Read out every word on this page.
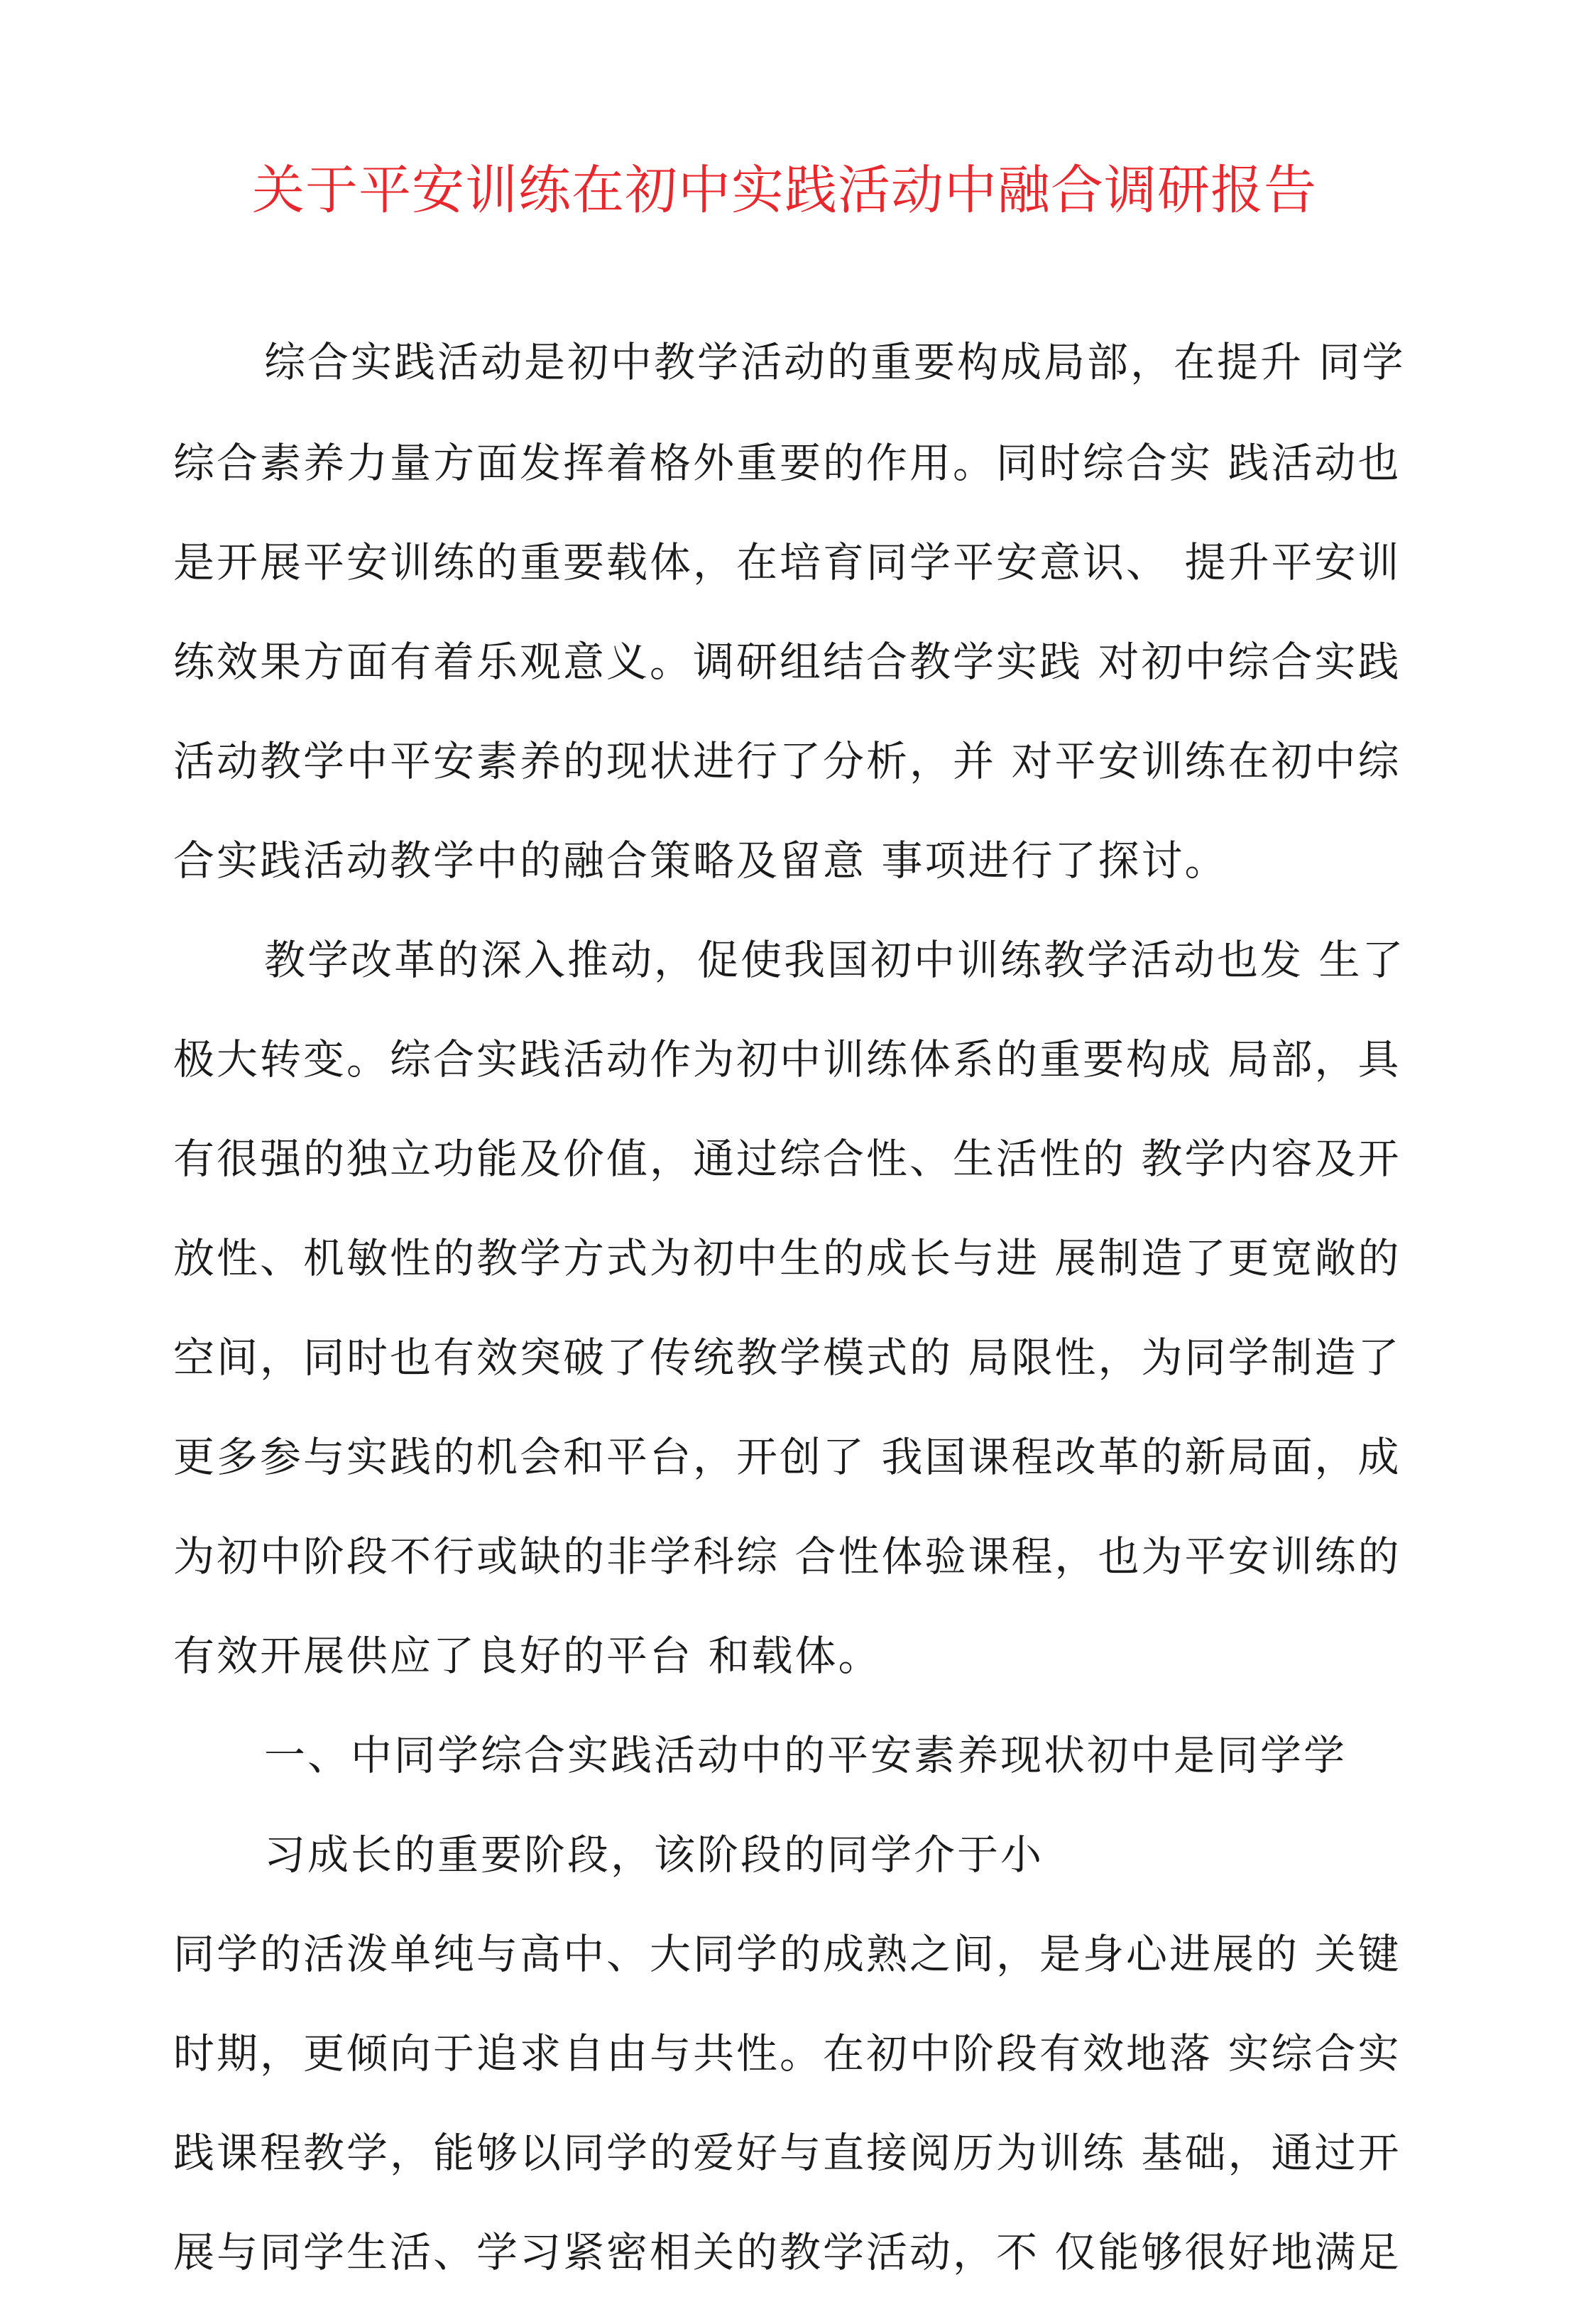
关于平安训练在初中实践活动中融合调研报告
综合实践活动是初中教学活动的重要构成局部，在提升 同学
综合素养力量方面发挥着格外重要的作用。同时综合实 践活动也
是开展平安训练的重要载体，在培育同学平安意识、 提升平安训
练效果方面有着乐观意义。调研组结合教学实践 对初中综合实践
活动教学中平安素养的现状进行了分析，并 对平安训练在初中综
合实践活动教学中的融合策略及留意 事项进行了探讨。
教学改革的深入推动，促使我国初中训练教学活动也发 生了
极大转变。综合实践活动作为初中训练体系的重要构成 局部，具
有很强的独立功能及价值，通过综合性、生活性的 教学内容及开
放性、机敏性的教学方式为初中生的成长与进 展制造了更宽敞的
空间，同时也有效突破了传统教学模式的 局限性，为同学制造了
更多参与实践的机会和平台，开创了 我国课程改革的新局面，成
为初中阶段不行或缺的非学科综 合性体验课程，也为平安训练的
有效开展供应了良好的平台 和载体。
一、中同学综合实践活动中的平安素养现状初中是同学学
习成长的重要阶段，该阶段的同学介于小
同学的活泼单纯与高中、大同学的成熟之间，是身心进展的 关键
时期，更倾向于追求自由与共性。在初中阶段有效地落 实综合实
践课程教学，能够以同学的爱好与直接阅历为训练 基础，通过开
展与同学生活、学习紧密相关的教学活动，不 仅能够很好地满足
